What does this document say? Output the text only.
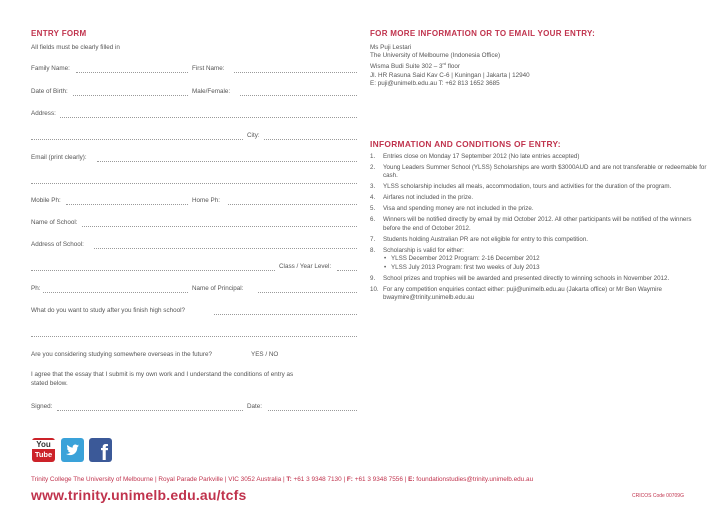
ENTRY FORM
All fields must be clearly filled in
Family Name:	First Name:
Date of Birth:	Male/Female:
Address:
City:
Email (print clearly):
Mobile Ph:	Home Ph:
Name of School:
Address of School:
Class / Year Level:
Ph:	Name of Principal:
What do you want to study after you finish high school?
Are you considering studying somewhere overseas in the future?	YES / NO
I agree that the essay that I submit is my own work and I understand the conditions of entry as
stated below.
Signed:	Date:
FOR MORE INFORMATION OR TO EMAIL YOUR ENTRY:
Ms Puji Lestari
The University of Melbourne (Indonesia Office)
Wisma Budi Suite 302 – 3rd floor
Jl. HR Rasuna Said Kav C-6 | Kuningan | Jakarta | 12940
E: puji@unimelb.edu.au T: +62 813 1652 3685
INFORMATION AND CONDITIONS OF ENTRY:
1. Entries close on Monday 17 September 2012 (No late entries accepted)
2. Young Leaders Summer School (YLSS) Scholarships are worth $3000AUD and are not transferable or redeemable for cash.
3. YLSS scholarship includes all meals, accommodation, tours and activities for the duration of the program.
4. Airfares not included in the prize.
5. Visa and spending money are not included in the prize.
6. Winners will be notified directly by email by mid October 2012. All other participants will be notified of the winners before the end of October 2012.
7. Students holding Australian PR are not eligible for entry to this competition.
8. Scholarship is valid for either:
• YLSS December 2012 Program: 2-16 December 2012
• YLSS July 2013 Program: first two weeks of July 2013
9. School prizes and trophies will be awarded and presented directly to winning schools in November 2012.
10. For any competition enquiries contact either: puji@unimelb.edu.au (Jakarta office) or Mr Ben Waymire bwaymire@trinity.unimelb.edu.au
You
Tube f
Trinity College The University of Melbourne | Royal Parade Parkville | VIC 3052 Australia | T: +61 3 9348 7130 | F: +61 3 9348 7556 | E: foundationstudies@trinity.unimelb.edu.au
www.trinity.unimelb.edu.au/tcfs	CRICOS Code 00709G
